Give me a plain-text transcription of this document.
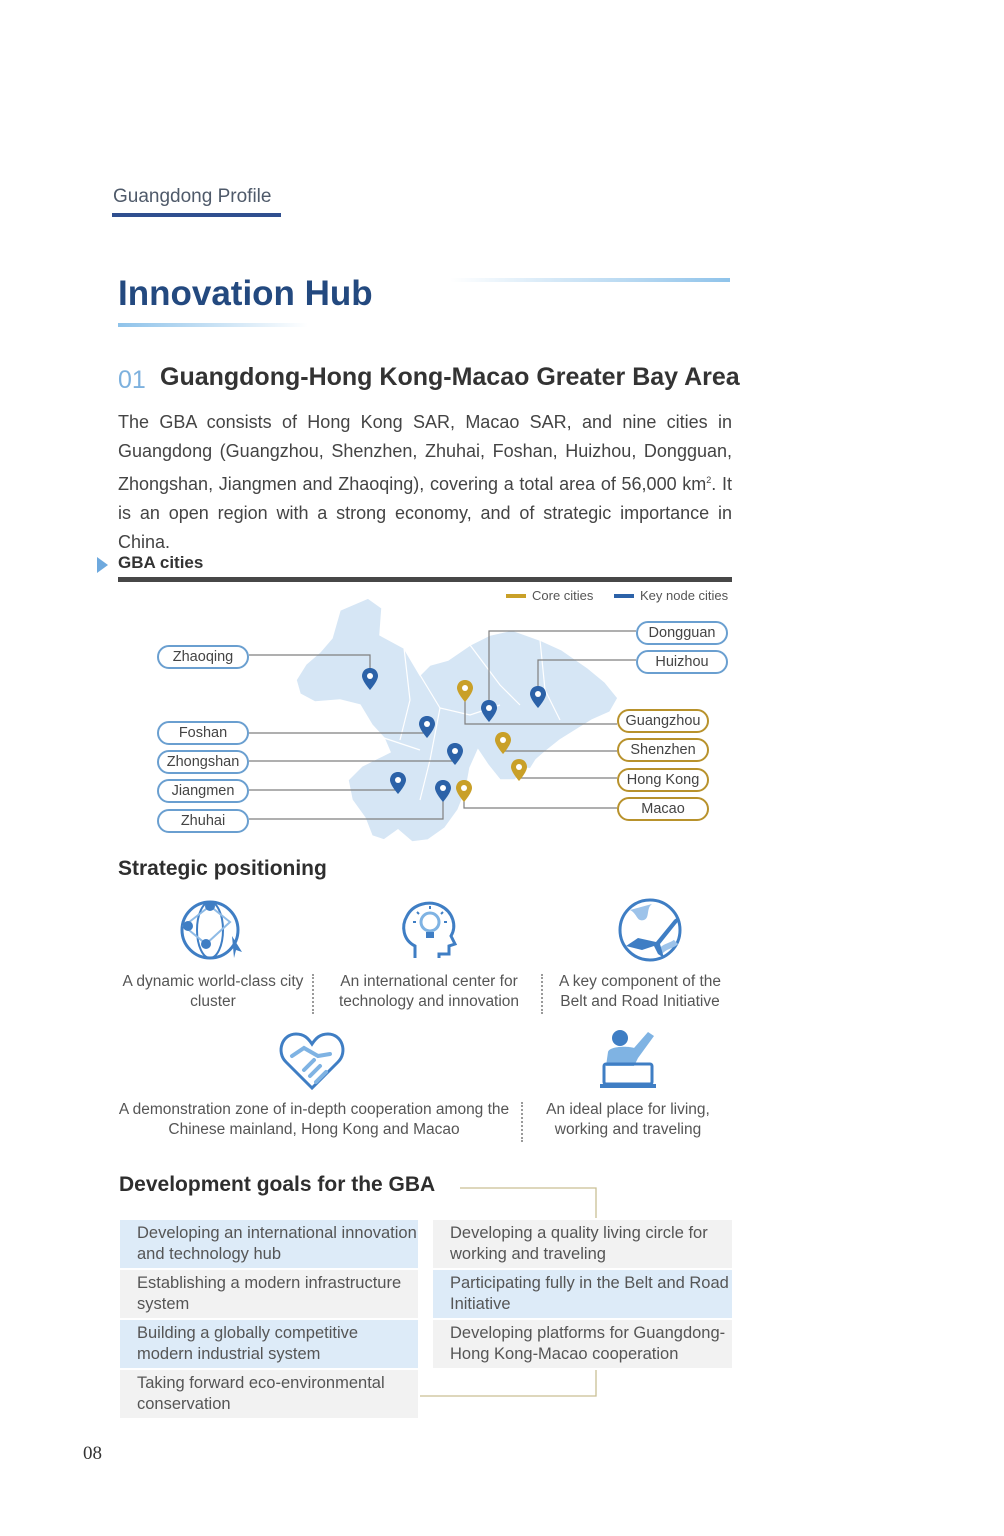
Guangdong Profile
Innovation Hub
01 Guangdong-Hong Kong-Macao Greater Bay Area
The GBA consists of Hong Kong SAR, Macao SAR, and nine cities in Guangdong (Guangzhou, Shenzhen, Zhuhai, Foshan, Huizhou, Dongguan, Zhongshan, Jiangmen and Zhaoqing), covering a total area of 56,000 $km^2$. It is an open region with a strong economy, and of strategic importance in China.
GBA cities
Core cities	Key node cities
Zhaoqing
Foshan
Zhongshan
Jiangmen
Zhuhai
Dongguan
Huizhou
Guangzhou
Shenzhen
Hong Kong
Macao
Strategic positioning
A dynamic world-class city cluster
An international center for technology and innovation
A key component of the Belt and Road Initiative
A demonstration zone of in-depth cooperation among the Chinese mainland, Hong Kong and Macao
An ideal place for living, working and traveling
Development goals for the GBA
Developing an international innovation and technology hub
Establishing a modern infrastructure system
Building a globally competitive modern industrial system
Taking forward eco-environmental conservation
Developing a quality living circle for working and traveling
Participating fully in the Belt and Road Initiative
Developing platforms for Guangdong-Hong Kong-Macao cooperation
08
